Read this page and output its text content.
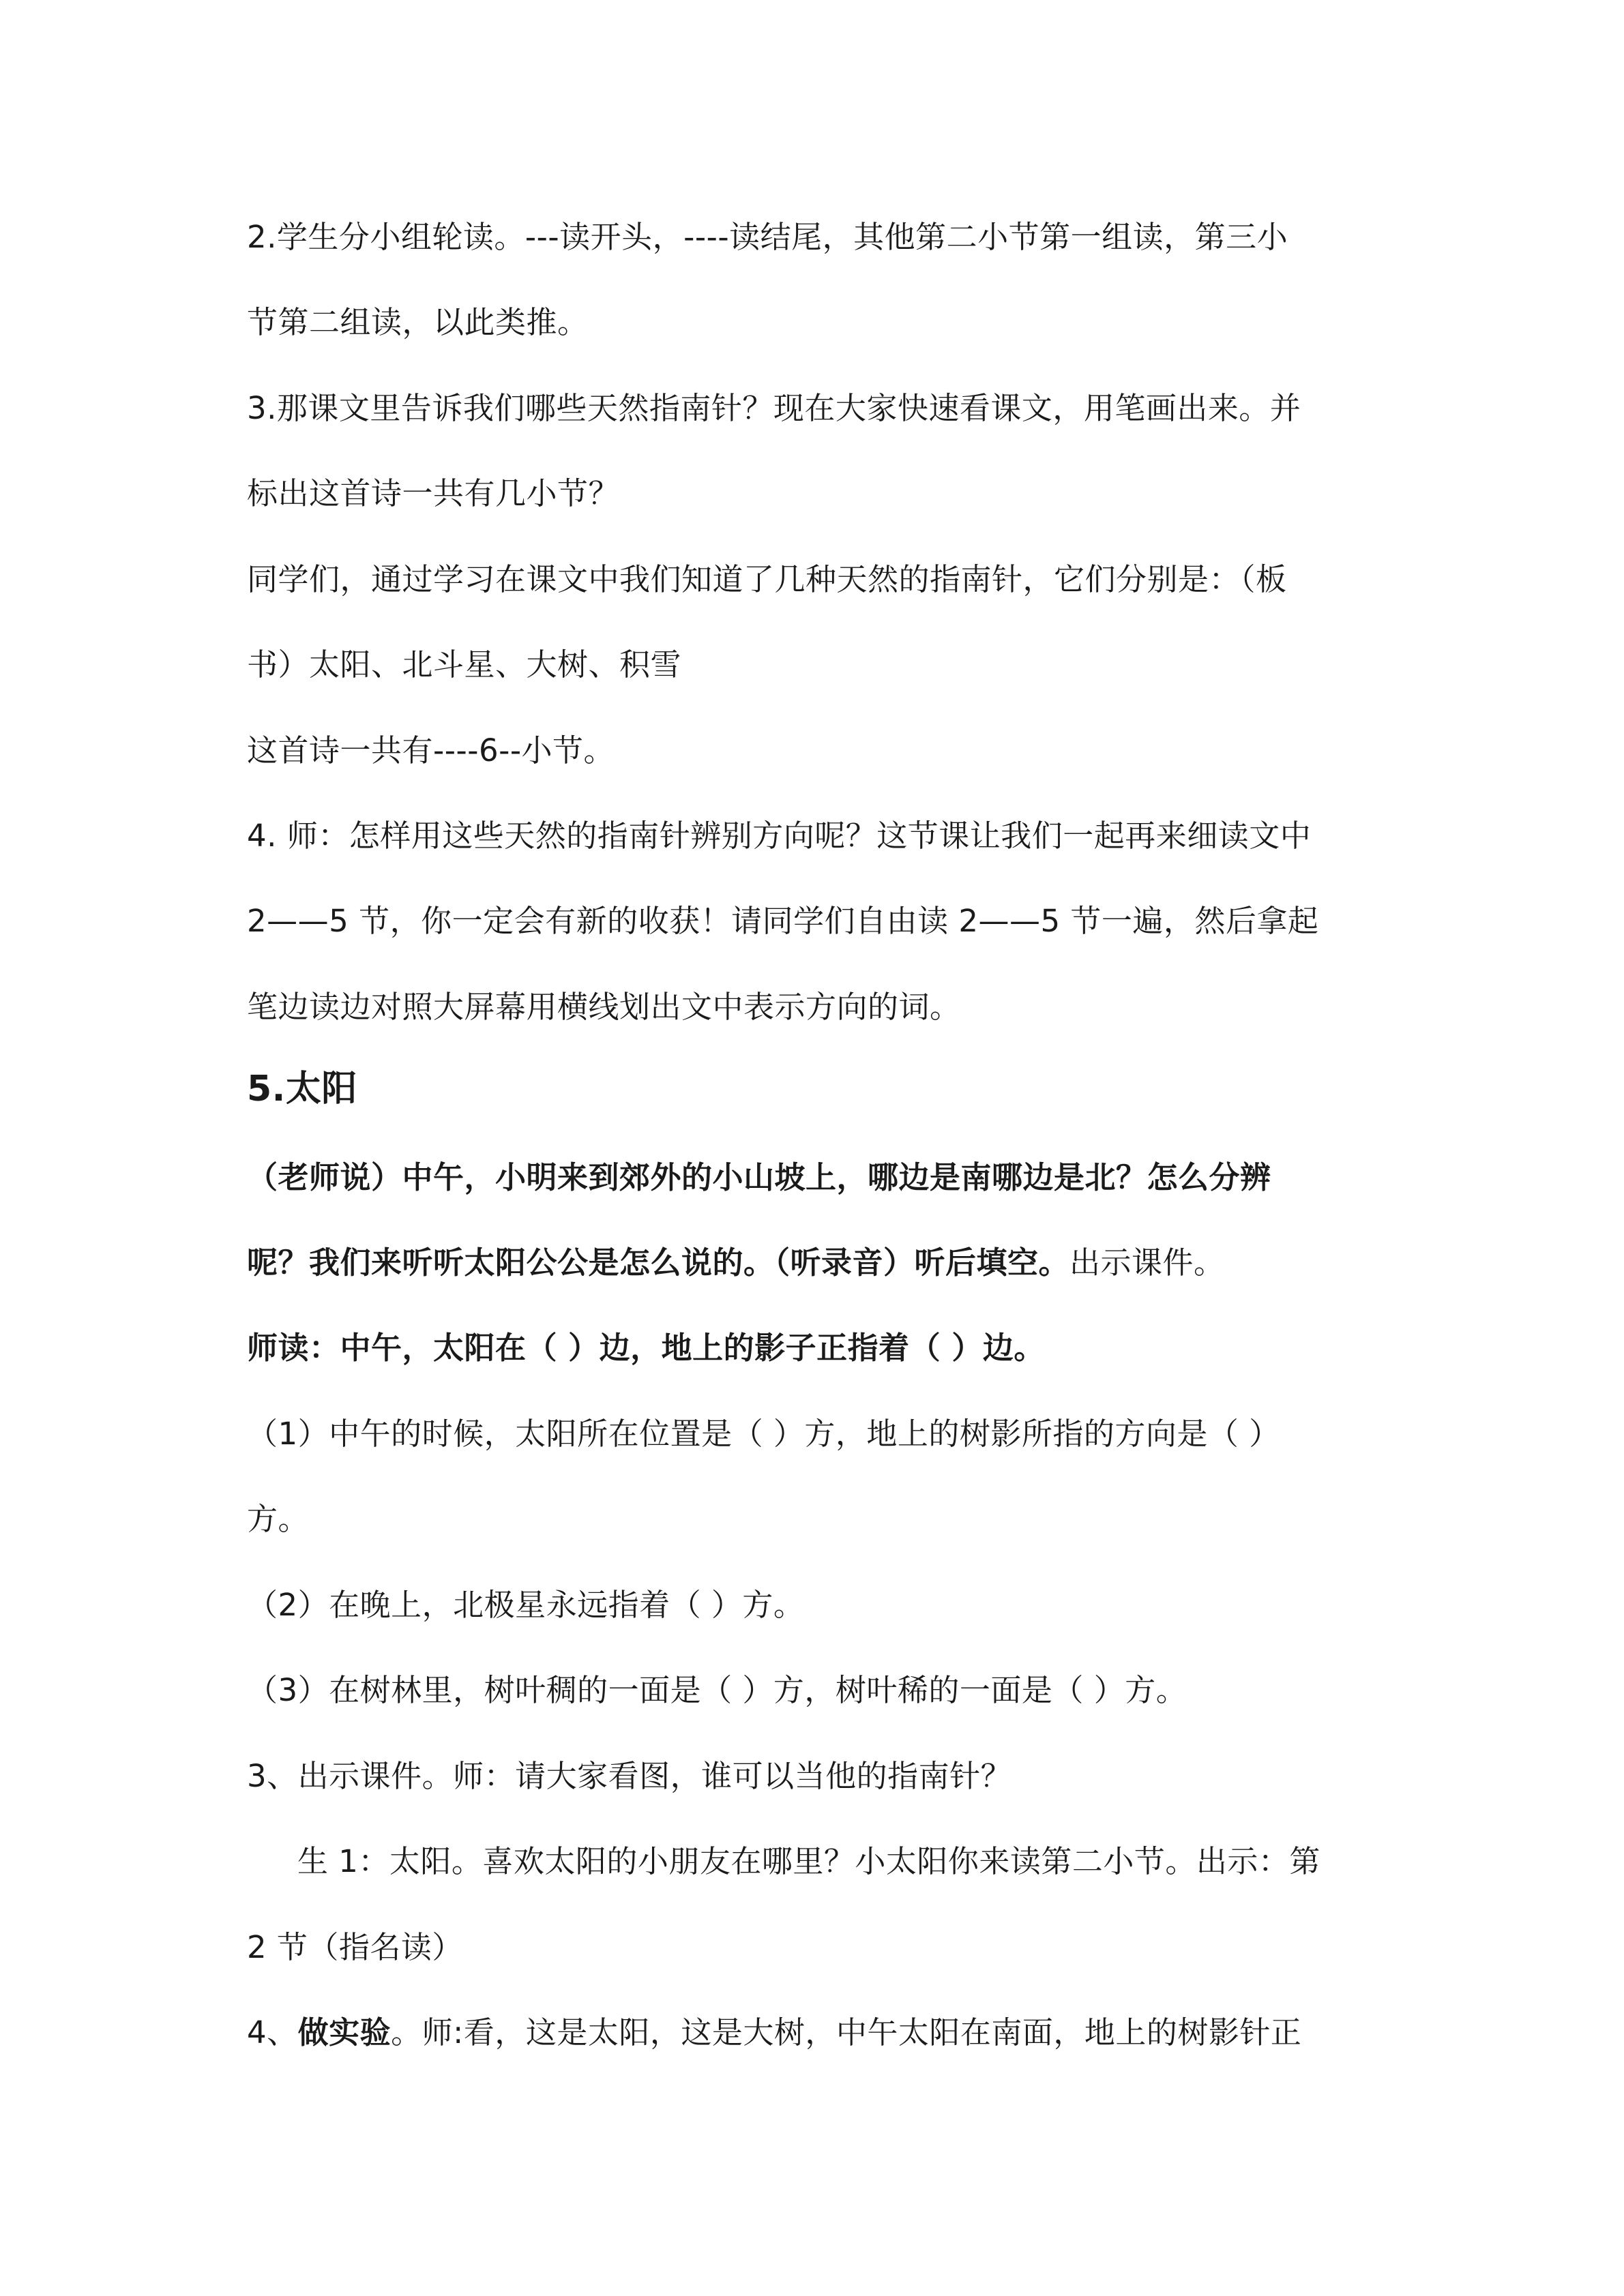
2.学生分小组轮读。---读开头，----读结尾，其他第二小节第一组读，第三小
节第二组读，以此类推。
3.那课文里告诉我们哪些天然指南针？现在大家快速看课文，用笔画出来。并
标出这首诗一共有几小节？
同学们，通过学习在课文中我们知道了几种天然的指南针，它们分别是：（板
书）太阳、北斗星、大树、积雪
这首诗一共有----6--小节。
4. 师：怎样用这些天然的指南针辨别方向呢？这节课让我们一起再来细读文中
2——5 节，你一定会有新的收获！请同学们自由读 2——5 节一遍，然后拿起
笔边读边对照大屏幕用横线划出文中表示方向的词。
5.太阳
（老师说）中午，小明来到郊外的小山坡上，哪边是南哪边是北？怎么分辨
呢？我们来听听太阳公公是怎么说的。（听录音）听后填空。出示课件。
师读：中午，太阳在（ ）边，地上的影子正指着（ ）边。
（1）中午的时候，太阳所在位置是（ ）方，地上的树影所指的方向是（ ）
方。
（2）在晚上，北极星永远指着（ ）方。
（3）在树林里，树叶稠的一面是（ ）方，树叶稀的一面是（ ）方。
3、出示课件。师：请大家看图，谁可以当他的指南针？
生 1：太阳。喜欢太阳的小朋友在哪里？小太阳你来读第二小节。出示：第
2 节（指名读）
4、做实验。师:看，这是太阳，这是大树，中午太阳在南面，地上的树影针正
